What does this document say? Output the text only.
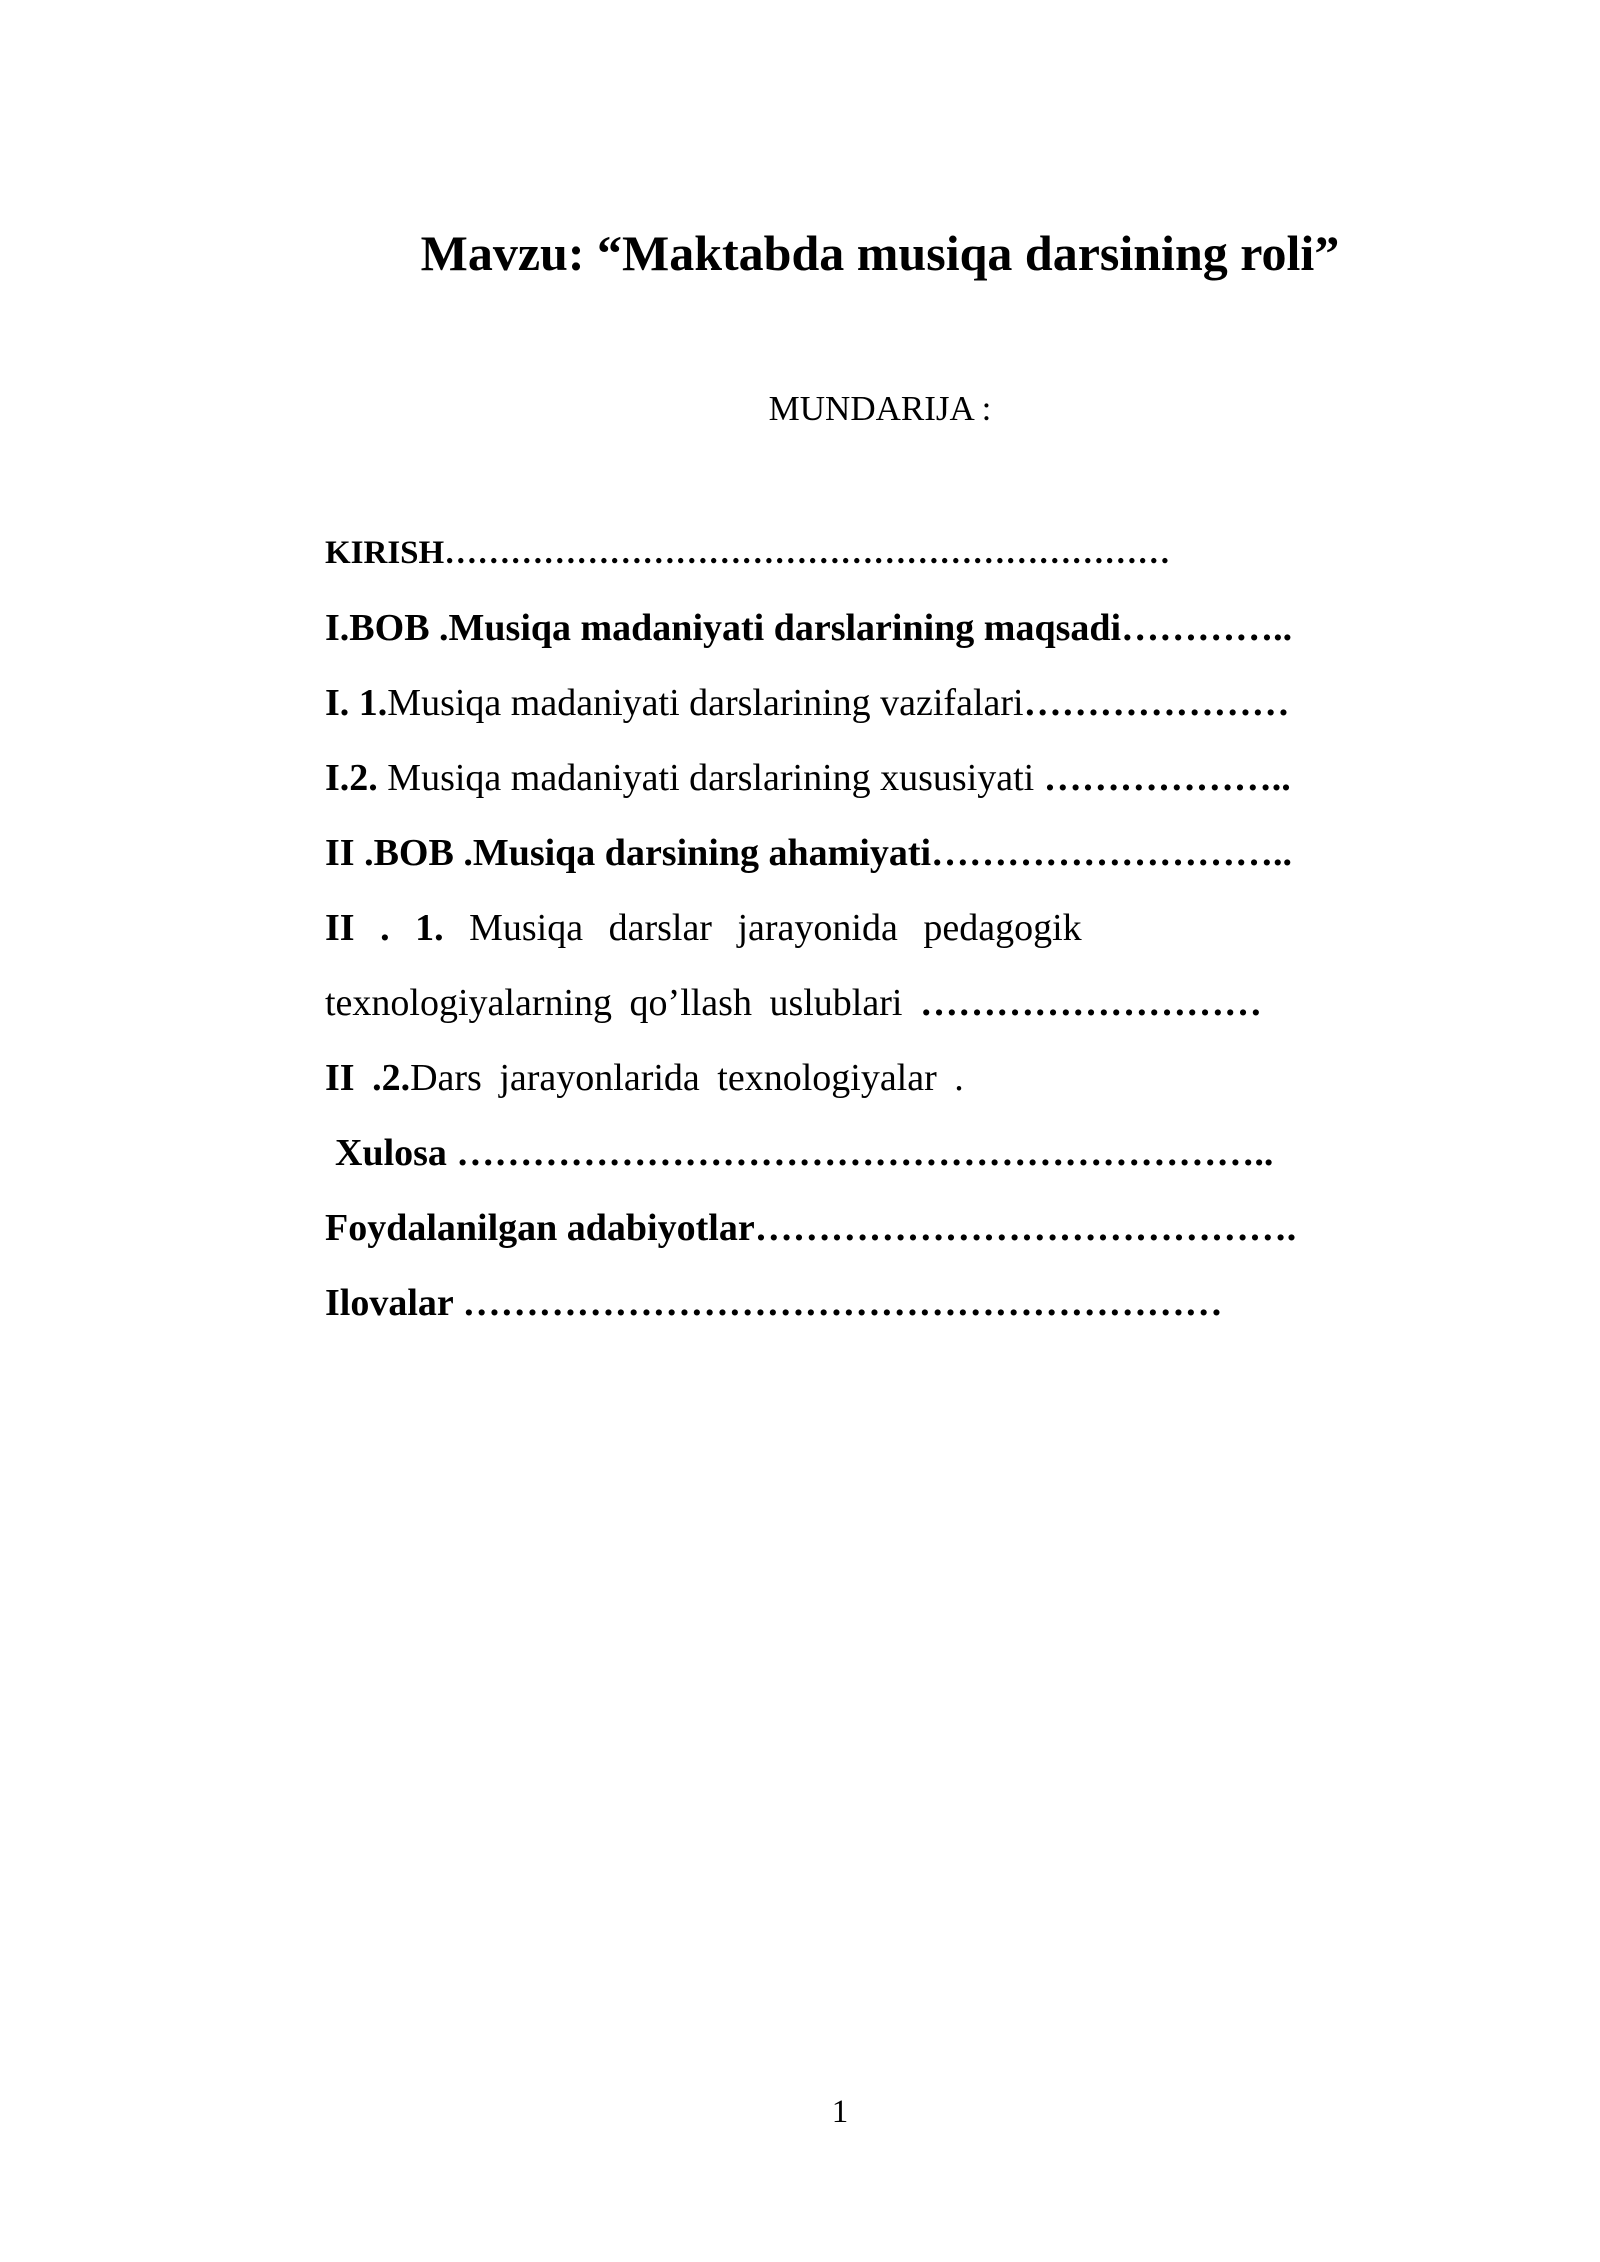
Mavzu: “Maktabda musiqa darsining roli”
MUNDARIJA :
KIRISH…………………………………………………………
I.BOB .Musiqa madaniyati darslarining maqsadi…………..
I. 1.Musiqa madaniyati darslarining vazifalari…………………
I.2. Musiqa madaniyati darslarining xususiyati ………………..
II .BOB .Musiqa darsining ahamiyati………………………..
II . 1. Musiqa darslar jarayonida pedagogik
texnologiyalarning qo’llash uslublari ………………………
II .2.Dars jarayonlarida texnologiyalar .
Xulosa ………………………………………………………..
Foydalanilgan adabiyotlar…………………………………….
Ilovalar ……………………………………………………
1
